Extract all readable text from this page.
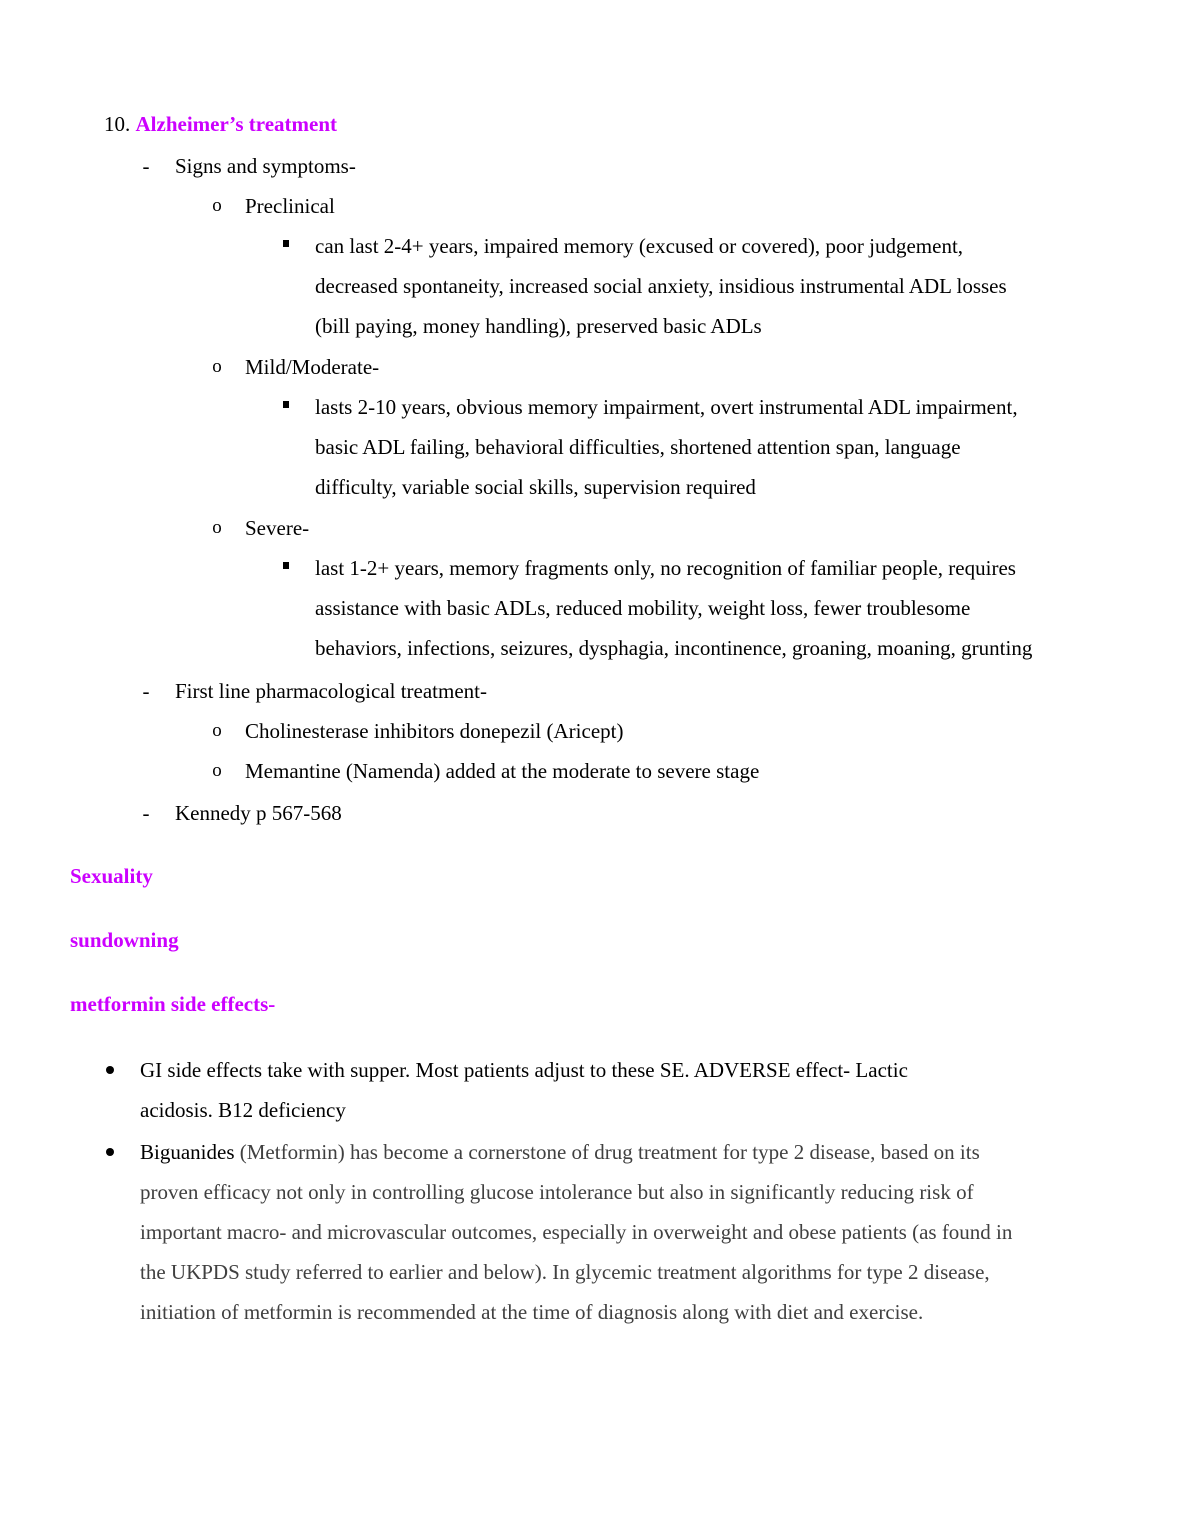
10. Alzheimer’s treatment
- Signs and symptoms-
o Preclinical
can last 2-4+ years, impaired memory (excused or covered), poor judgement,
decreased spontaneity, increased social anxiety, insidious instrumental ADL losses
(bill paying, money handling), preserved basic ADLs
o Mild/Moderate-
lasts 2-10 years, obvious memory impairment, overt instrumental ADL impairment,
basic ADL failing, behavioral difficulties, shortened attention span, language
difficulty, variable social skills, supervision required
o Severe-
last 1-2+ years, memory fragments only, no recognition of familiar people, requires
assistance with basic ADLs, reduced mobility, weight loss, fewer troublesome
behaviors, infections, seizures, dysphagia, incontinence, groaning, moaning, grunting
- First line pharmacological treatment-
o Cholinesterase inhibitors donepezil (Aricept)
o Memantine (Namenda) added at the moderate to severe stage
- Kennedy p 567-568
Sexuality
sundowning
metformin side effects-
GI side effects take with supper. Most patients adjust to these SE. ADVERSE effect- Lactic
acidosis. B12 deficiency
Biguanides (Metformin) has become a cornerstone of drug treatment for type 2 disease, based on its
proven efficacy not only in controlling glucose intolerance but also in significantly reducing risk of
important macro- and microvascular outcomes, especially in overweight and obese patients (as found in
the UKPDS study referred to earlier and below). In glycemic treatment algorithms for type 2 disease,
initiation of metformin is recommended at the time of diagnosis along with diet and exercise.
